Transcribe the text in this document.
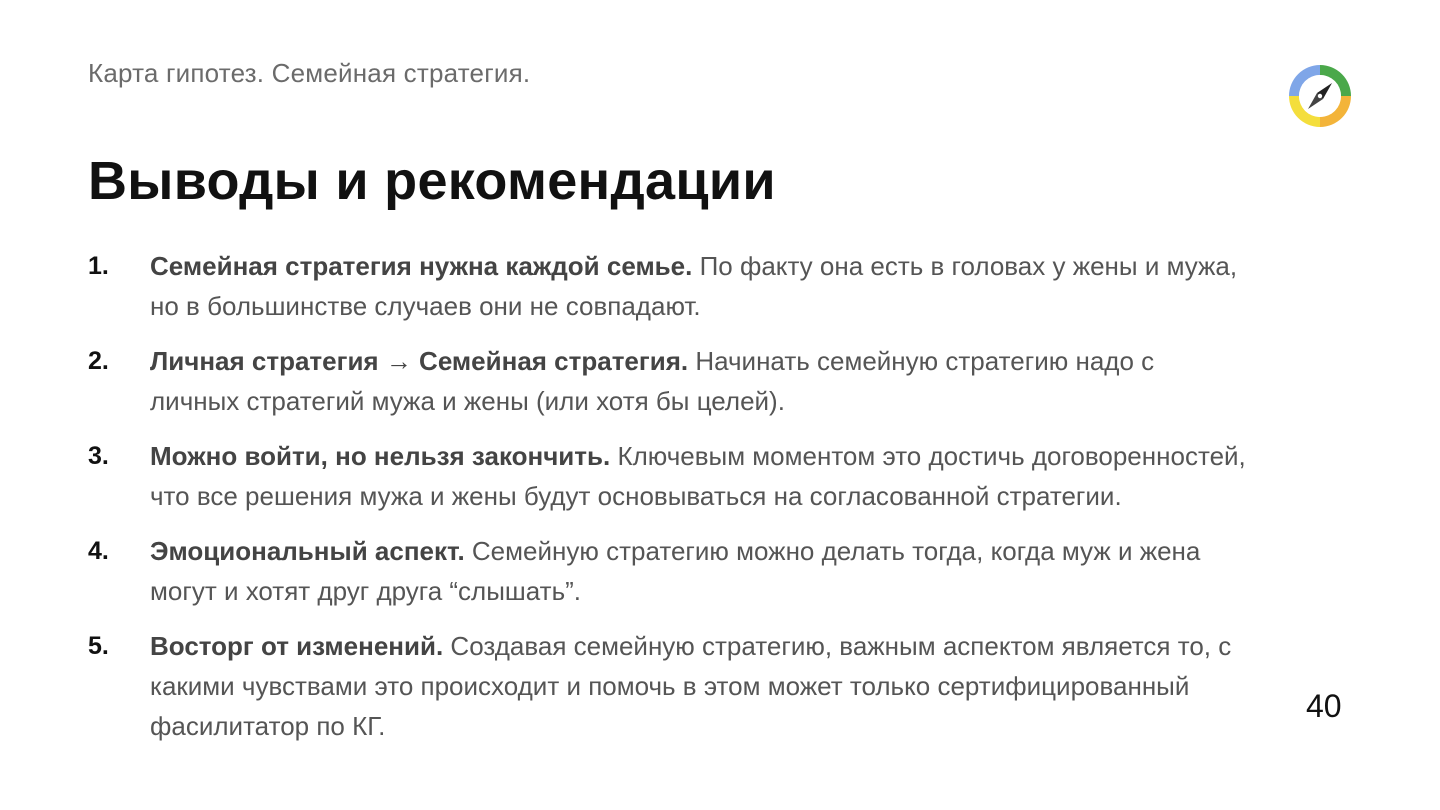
Карта гипотез. Семейная стратегия.
Выводы и рекомендации
1.	Семейная стратегия нужна каждой семье. По факту она есть в головах у жены и мужа, но в большинстве случаев они не совпадают.
2.	Личная стратегия → Семейная стратегия. Начинать семейную стратегию надо с личных стратегий мужа и жены (или хотя бы целей).
3.	Можно войти, но нельзя закончить. Ключевым моментом это достичь договоренностей, что все решения мужа и жены будут основываться на согласованной стратегии.
4.	Эмоциональный аспект. Семейную стратегию можно делать тогда, когда муж и жена могут и хотят друг друга “слышать”.
5.	Восторг от изменений. Создавая семейную стратегию, важным аспектом является то, с какими чувствами это происходит и помочь в этом может только сертифицированный фасилитатор по КГ.
40
